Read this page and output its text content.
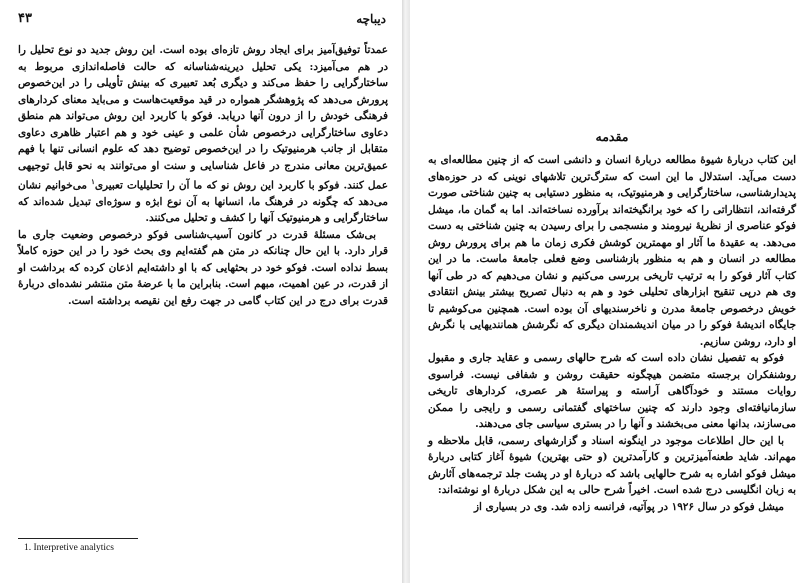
دیباچه
۴۳

عمدتاً توفیق‌آمیز برای ایجاد روش تازه‌ای بوده است. این روش جدید دو نوع تحلیل را در هم می‌آمیزد: یکی تحلیل دیرینه‌شناسانه که حالت فاصله‌اندازی مربوط به ساختارگرایی را حفظ می‌کند و دیگری بُعد تعبیری که بینش تأویلی را در این‌خصوص پرورش می‌دهد که پژوهشگر همواره در قید موقعیت‌هاست و می‌باید معنای کردارهای فرهنگی خودش را از درون آنها دریابد. فوکو با کاربرد این روش می‌تواند هم منطق دعاوی ساختارگرایی درخصوص شأن علمی و عینی خود و هم اعتبار ظاهری دعاوی متقابل از جانب هرمنیوتیک را در این‌خصوص توضیح دهد که علوم انسانی تنها با فهم عمیق‌ترین معانی مندرج در فاعل شناسایی و سنت او می‌توانند به نحو قابل توجیهی عمل کنند. فوکو با کاربرد این روش نو که ما آن را تحلیلیات تعبیری$^۱$ می‌خوانیم نشان می‌دهد که چگونه در فرهنگ ما، انسانها به آن نوع ابژه و سوژه‌ای تبدیل شده‌اند که ساختارگرایی و هرمنیوتیک آنها را کشف و تحلیل می‌کنند.

بی‌شک مسئلهٔ قدرت در کانون آسیب‌شناسی فوکو درخصوص وضعیت جاری ما قرار دارد. با این حال چنانکه در متن هم گفته‌ایم وی بحث خود را در این حوزه کاملاً بسط نداده است. فوکو خود در بحثهایی که با او داشته‌ایم اذعان کرده که برداشت او از قدرت، در عین اهمیت، مبهم است. بنابراین ما با عرضهٔ متن منتشر نشده‌ای دربارهٔ قدرت برای درج در این کتاب گامی در جهت رفع این نقیصه برداشته است.

1. Interpretive analytics
مقدمه

این کتاب دربارهٔ شیوهٔ مطالعه دربارهٔ انسان و دانشی است که از چنین مطالعه‌ای به دست می‌آید. استدلال ما این است که سترگ‌ترین تلاشهای نوینی که در حوزه‌های پدیدارشناسی، ساختارگرایی و هرمنیوتیک، به منظور دستیابی به چنین شناختی صورت گرفته‌اند، انتظاراتی را که خود برانگیخته‌اند برآورده نساخته‌اند. اما به گمان ما، میشل فوکو عناصری از نظریهٔ نیرومند و منسجمی را برای رسیدن به چنین شناختی به دست می‌دهد. به عقیدهٔ ما آثار او مهمترین کوشش فکری زمان ما هم برای پرورش روش مطالعه در انسان و هم به منظور بازشناسی وضع فعلی جامعهٔ ماست. ما در این کتاب آثار فوکو را به ترتیب تاریخی بررسی می‌کنیم و نشان می‌دهیم که در طی آنها وی هم درپی تنقیح ابزارهای تحلیلی خود و هم به دنبال تصریح بیشتر بینش انتقادی خویش درخصوص جامعهٔ مدرن و ناخرسندیهای آن بوده است. همچنین می‌کوشیم تا جایگاه اندیشهٔ فوکو را در میان اندیشمندان دیگری که نگرشش همانندیهایی با نگرش او دارد، روشن سازیم.

فوکو به تفصیل نشان داده است که شرح حالهای رسمی و عقاید جاری و مقبول روشنفکران برجسته متضمن هیچگونه حقیقت روشن و شفافی نیست. فراسوی روایات مستند و خودآگاهی آراسته و پیراستهٔ هر عصری، کردارهای تاریخی سازمانیافته‌ای وجود دارند که چنین ساختهای گفتمانی رسمی و رایجی را ممکن می‌سازند، بدانها معنی می‌بخشند و آنها را در بستری سیاسی جای می‌دهند.

با این حال اطلاعات موجود در اینگونه اسناد و گزارشهای رسمی، قابل ملاحظه و مهم‌اند. شاید طعنه‌آمیزترین و کارآمدترین (و حتی بهترین) شیوهٔ آغاز کتابی دربارهٔ میشل فوکو اشاره به شرح حالهایی باشد که دربارهٔ او در پشت جلد ترجمه‌های آثارش به زبان انگلیسی درج شده است. اخیراً شرح حالی به این شکل دربارهٔ او نوشته‌اند:

میشل فوکو در سال ۱۹۲۶ در پوآتیه، فرانسه زاده شد. وی در بسیاری از
